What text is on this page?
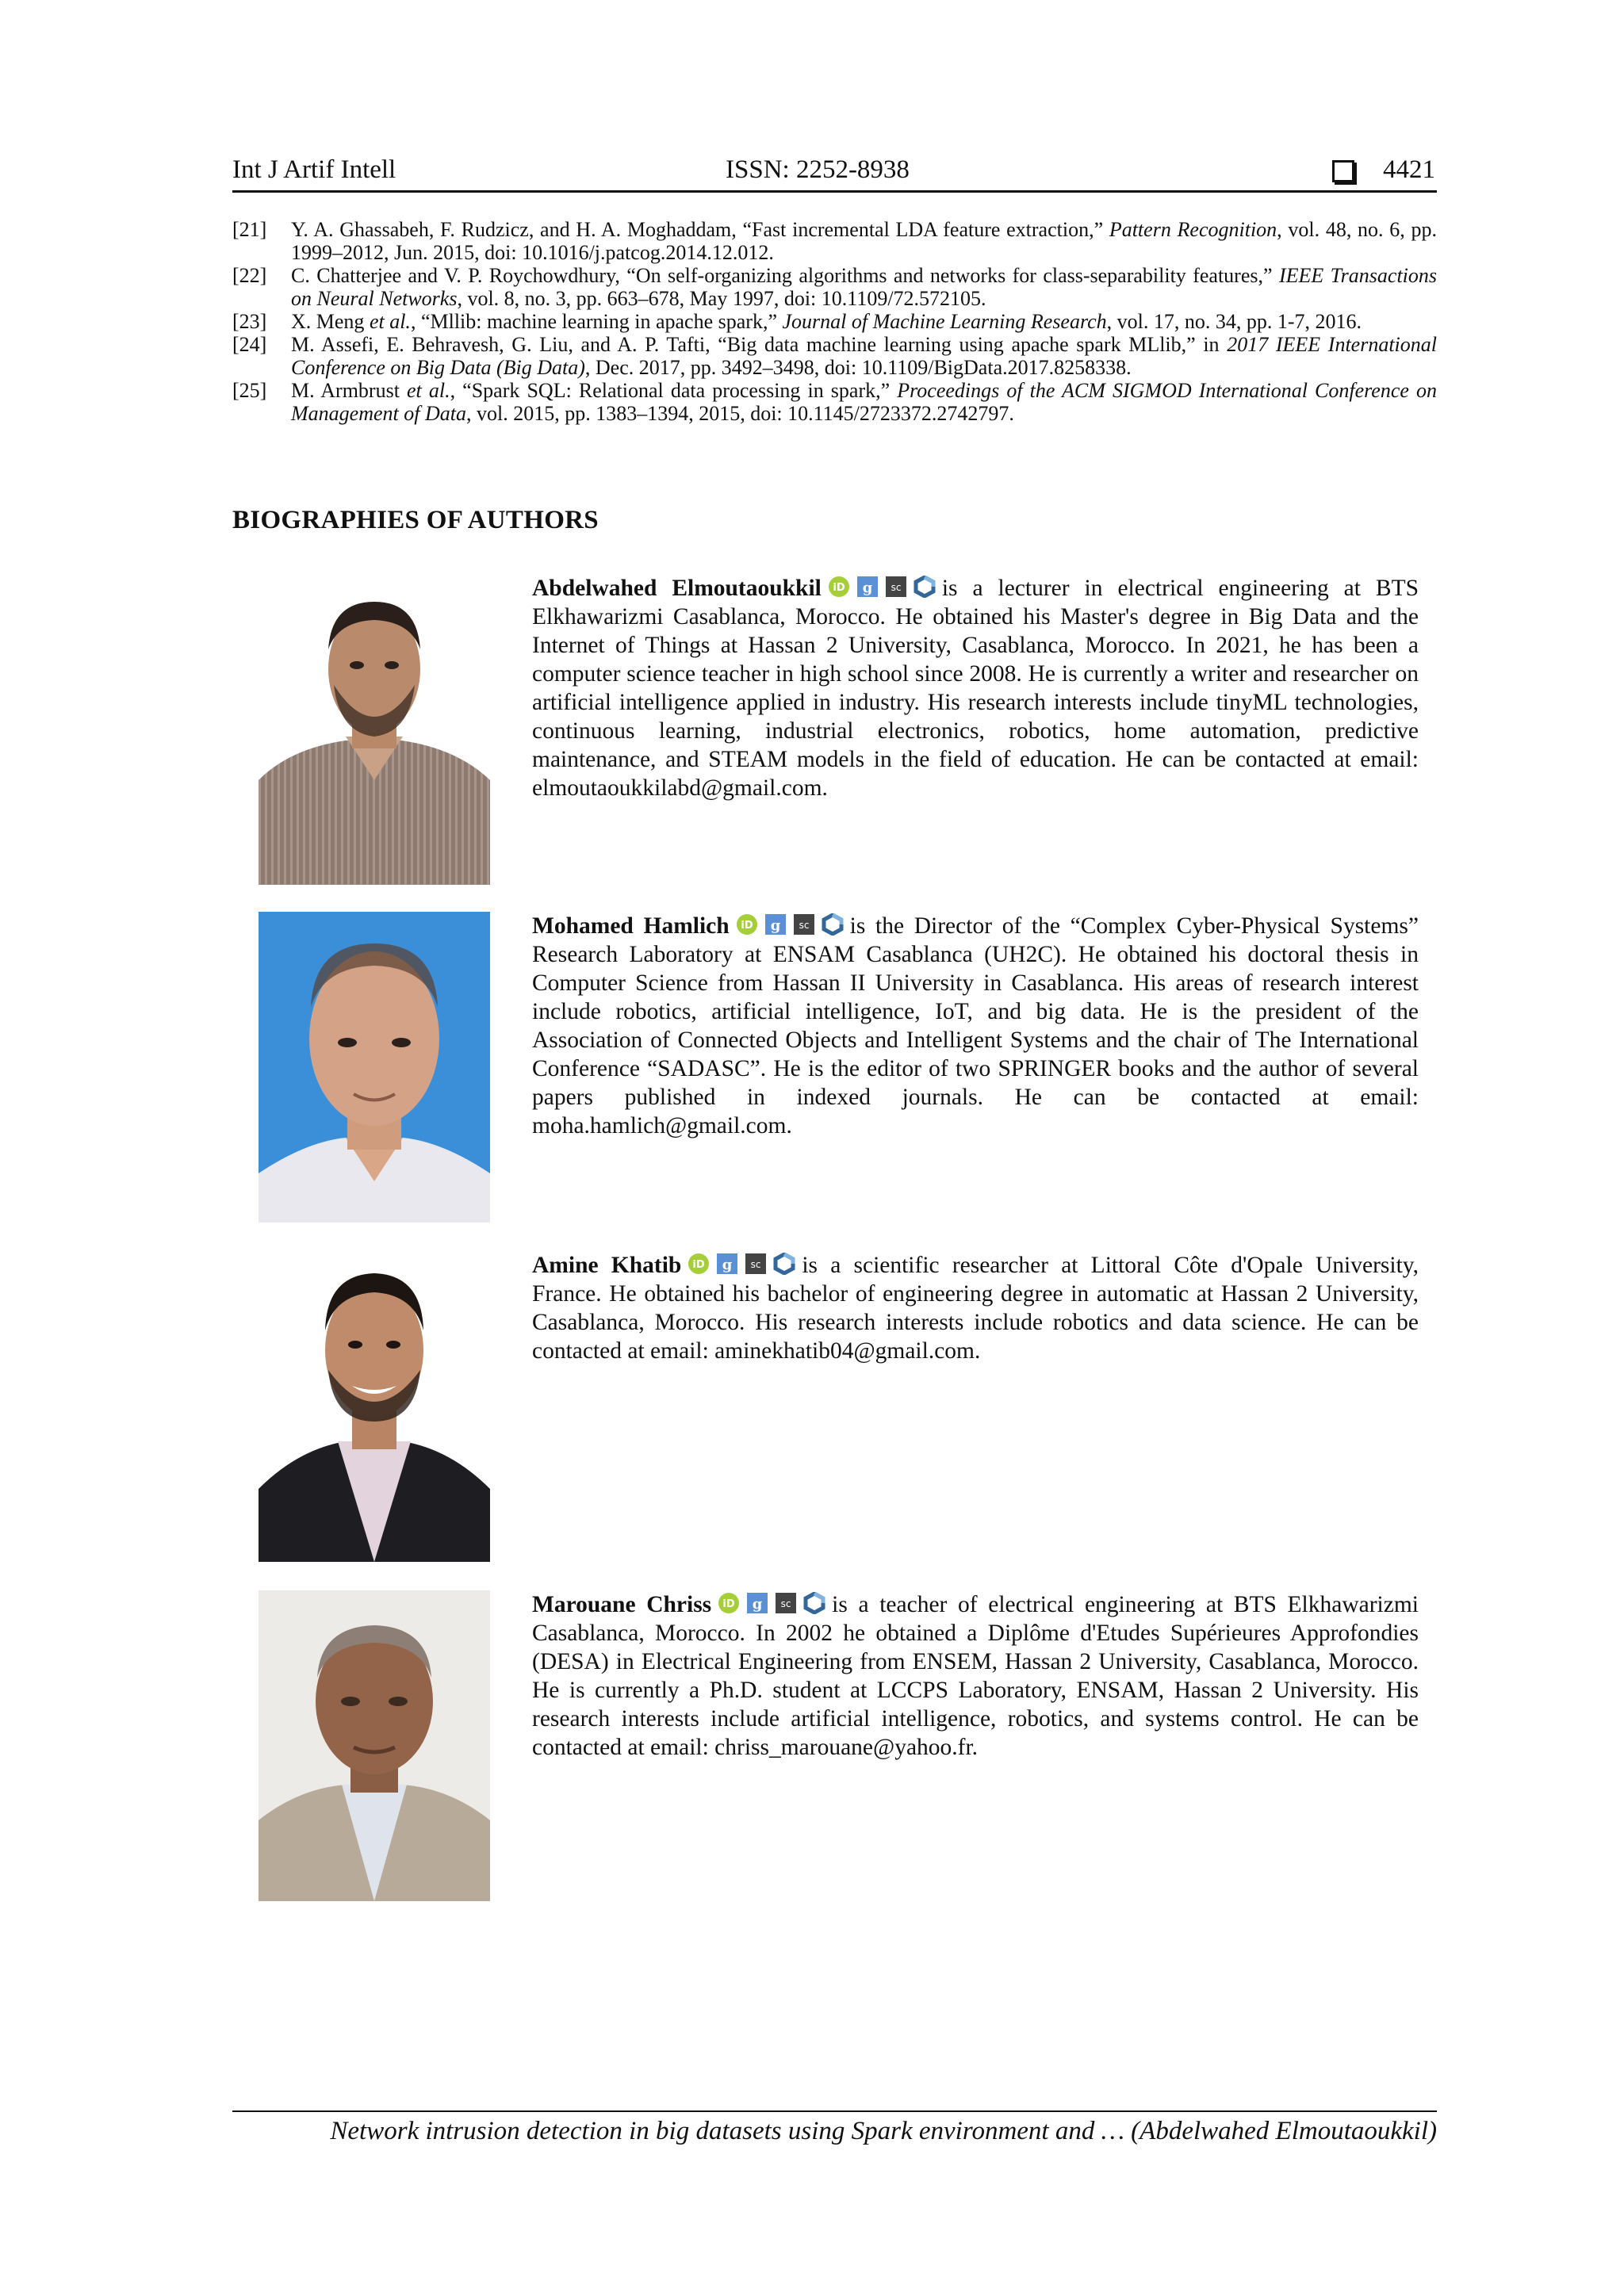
Int J Artif Intell	ISSN: 2252-8938	4421
[21]	Y. A. Ghassabeh, F. Rudzicz, and H. A. Moghaddam, “Fast incremental LDA feature extraction,” Pattern Recognition, vol. 48, no. 6, pp. 1999–2012, Jun. 2015, doi: 10.1016/j.patcog.2014.12.012.
[22]	C. Chatterjee and V. P. Roychowdhury, “On self-organizing algorithms and networks for class-separability features,” IEEE Transactions on Neural Networks, vol. 8, no. 3, pp. 663–678, May 1997, doi: 10.1109/72.572105.
[23]	X. Meng et al., “Mllib: machine learning in apache spark,” Journal of Machine Learning Research, vol. 17, no. 34, pp. 1-7, 2016.
[24]	M. Assefi, E. Behravesh, G. Liu, and A. P. Tafti, “Big data machine learning using apache spark MLlib,” in 2017 IEEE International Conference on Big Data (Big Data), Dec. 2017, pp. 3492–3498, doi: 10.1109/BigData.2017.8258338.
[25]	M. Armbrust et al., “Spark SQL: Relational data processing in spark,” Proceedings of the ACM SIGMOD International Conference on Management of Data, vol. 2015, pp. 1383–1394, 2015, doi: 10.1145/2723372.2742797.
BIOGRAPHIES OF AUTHORS
Abdelwahed Elmoutaoukkil iD g sc is a lecturer in electrical engineering at BTS Elkhawarizmi Casablanca, Morocco. He obtained his Master's degree in Big Data and the Internet of Things at Hassan 2 University, Casablanca, Morocco. In 2021, he has been a computer science teacher in high school since 2008. He is currently a writer and researcher on artificial intelligence applied in industry. His research interests include tinyML technologies, continuous learning, industrial electronics, robotics, home automation, predictive maintenance, and STEAM models in the field of education. He can be contacted at email: elmoutaoukkilabd@gmail.com.
Mohamed Hamlich iD g sc is the Director of the “Complex Cyber-Physical Systems” Research Laboratory at ENSAM Casablanca (UH2C). He obtained his doctoral thesis in Computer Science from Hassan II University in Casablanca. His areas of research interest include robotics, artificial intelligence, IoT, and big data. He is the president of the Association of Connected Objects and Intelligent Systems and the chair of The International Conference “SADASC”. He is the editor of two SPRINGER books and the author of several papers published in indexed journals. He can be contacted at email: moha.hamlich@gmail.com.
Amine Khatib iD g sc is a scientific researcher at Littoral Côte d'Opale University, France. He obtained his bachelor of engineering degree in automatic at Hassan 2 University, Casablanca, Morocco. His research interests include robotics and data science. He can be contacted at email: aminekhatib04@gmail.com.
Marouane Chriss iD g sc is a teacher of electrical engineering at BTS Elkhawarizmi Casablanca, Morocco. In 2002 he obtained a Diplôme d'Etudes Supérieures Approfondies (DESA) in Electrical Engineering from ENSEM, Hassan 2 University, Casablanca, Morocco. He is currently a Ph.D. student at LCCPS Laboratory, ENSAM, Hassan 2 University. His research interests include artificial intelligence, robotics, and systems control. He can be contacted at email: chriss_marouane@yahoo.fr.
Network intrusion detection in big datasets using Spark environment and … (Abdelwahed Elmoutaoukkil)
